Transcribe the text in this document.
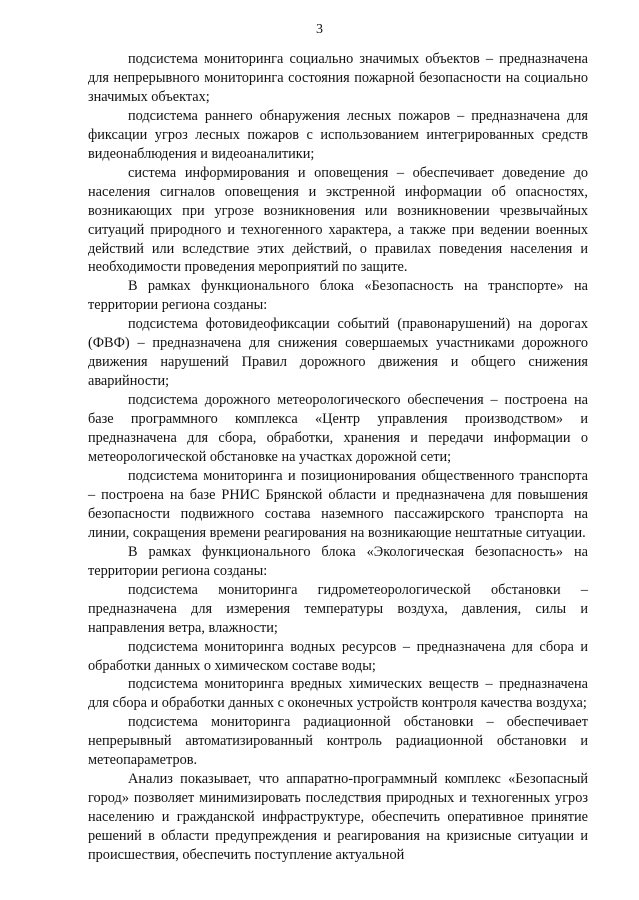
3

подсистема мониторинга социально значимых объектов – предназначена для непрерывного мониторинга состояния пожарной безопасности на социально значимых объектах;

подсистема раннего обнаружения лесных пожаров – предназначена для фиксации угроз лесных пожаров с использованием интегрированных средств видеонаблюдения и видеоаналитики;

система информирования и оповещения – обеспечивает доведение до населения сигналов оповещения и экстренной информации об опасностях, возникающих при угрозе возникновения или возникновении чрезвычайных ситуаций природного и техногенного характера, а также при ведении военных действий или вследствие этих действий, о правилах поведения населения и необходимости проведения мероприятий по защите.

В рамках функционального блока «Безопасность на транспорте» на территории региона созданы:

подсистема фотовидеофиксации событий (правонарушений) на дорогах (ФВФ) – предназначена для снижения совершаемых участниками дорожного движения нарушений Правил дорожного движения и общего снижения аварийности;

подсистема дорожного метеорологического обеспечения – построена на базе программного комплекса «Центр управления производством» и предназначена для сбора, обработки, хранения и передачи информации о метеорологической обстановке на участках дорожной сети;

подсистема мониторинга и позиционирования общественного транспорта – построена на базе РНИС Брянской области и предназначена для повышения безопасности подвижного состава наземного пассажирского транспорта на линии, сокращения времени реагирования на возникающие нештатные ситуации.

В рамках функционального блока «Экологическая безопасность» на территории региона созданы:

подсистема мониторинга гидрометеорологической обстановки – предназначена для измерения температуры воздуха, давления, силы и направления ветра, влажности;

подсистема мониторинга водных ресурсов – предназначена для сбора и обработки данных о химическом составе воды;

подсистема мониторинга вредных химических веществ – предназначена для сбора и обработки данных с оконечных устройств контроля качества воздуха;

подсистема мониторинга радиационной обстановки – обеспечивает непрерывный автоматизированный контроль радиационной обстановки и метеопараметров.

Анализ показывает, что аппаратно-программный комплекс «Безопасный город» позволяет минимизировать последствия природных и техногенных угроз населению и гражданской инфраструктуре, обеспечить оперативное принятие решений в области предупреждения и реагирования на кризисные ситуации и происшествия, обеспечить поступление актуальной
